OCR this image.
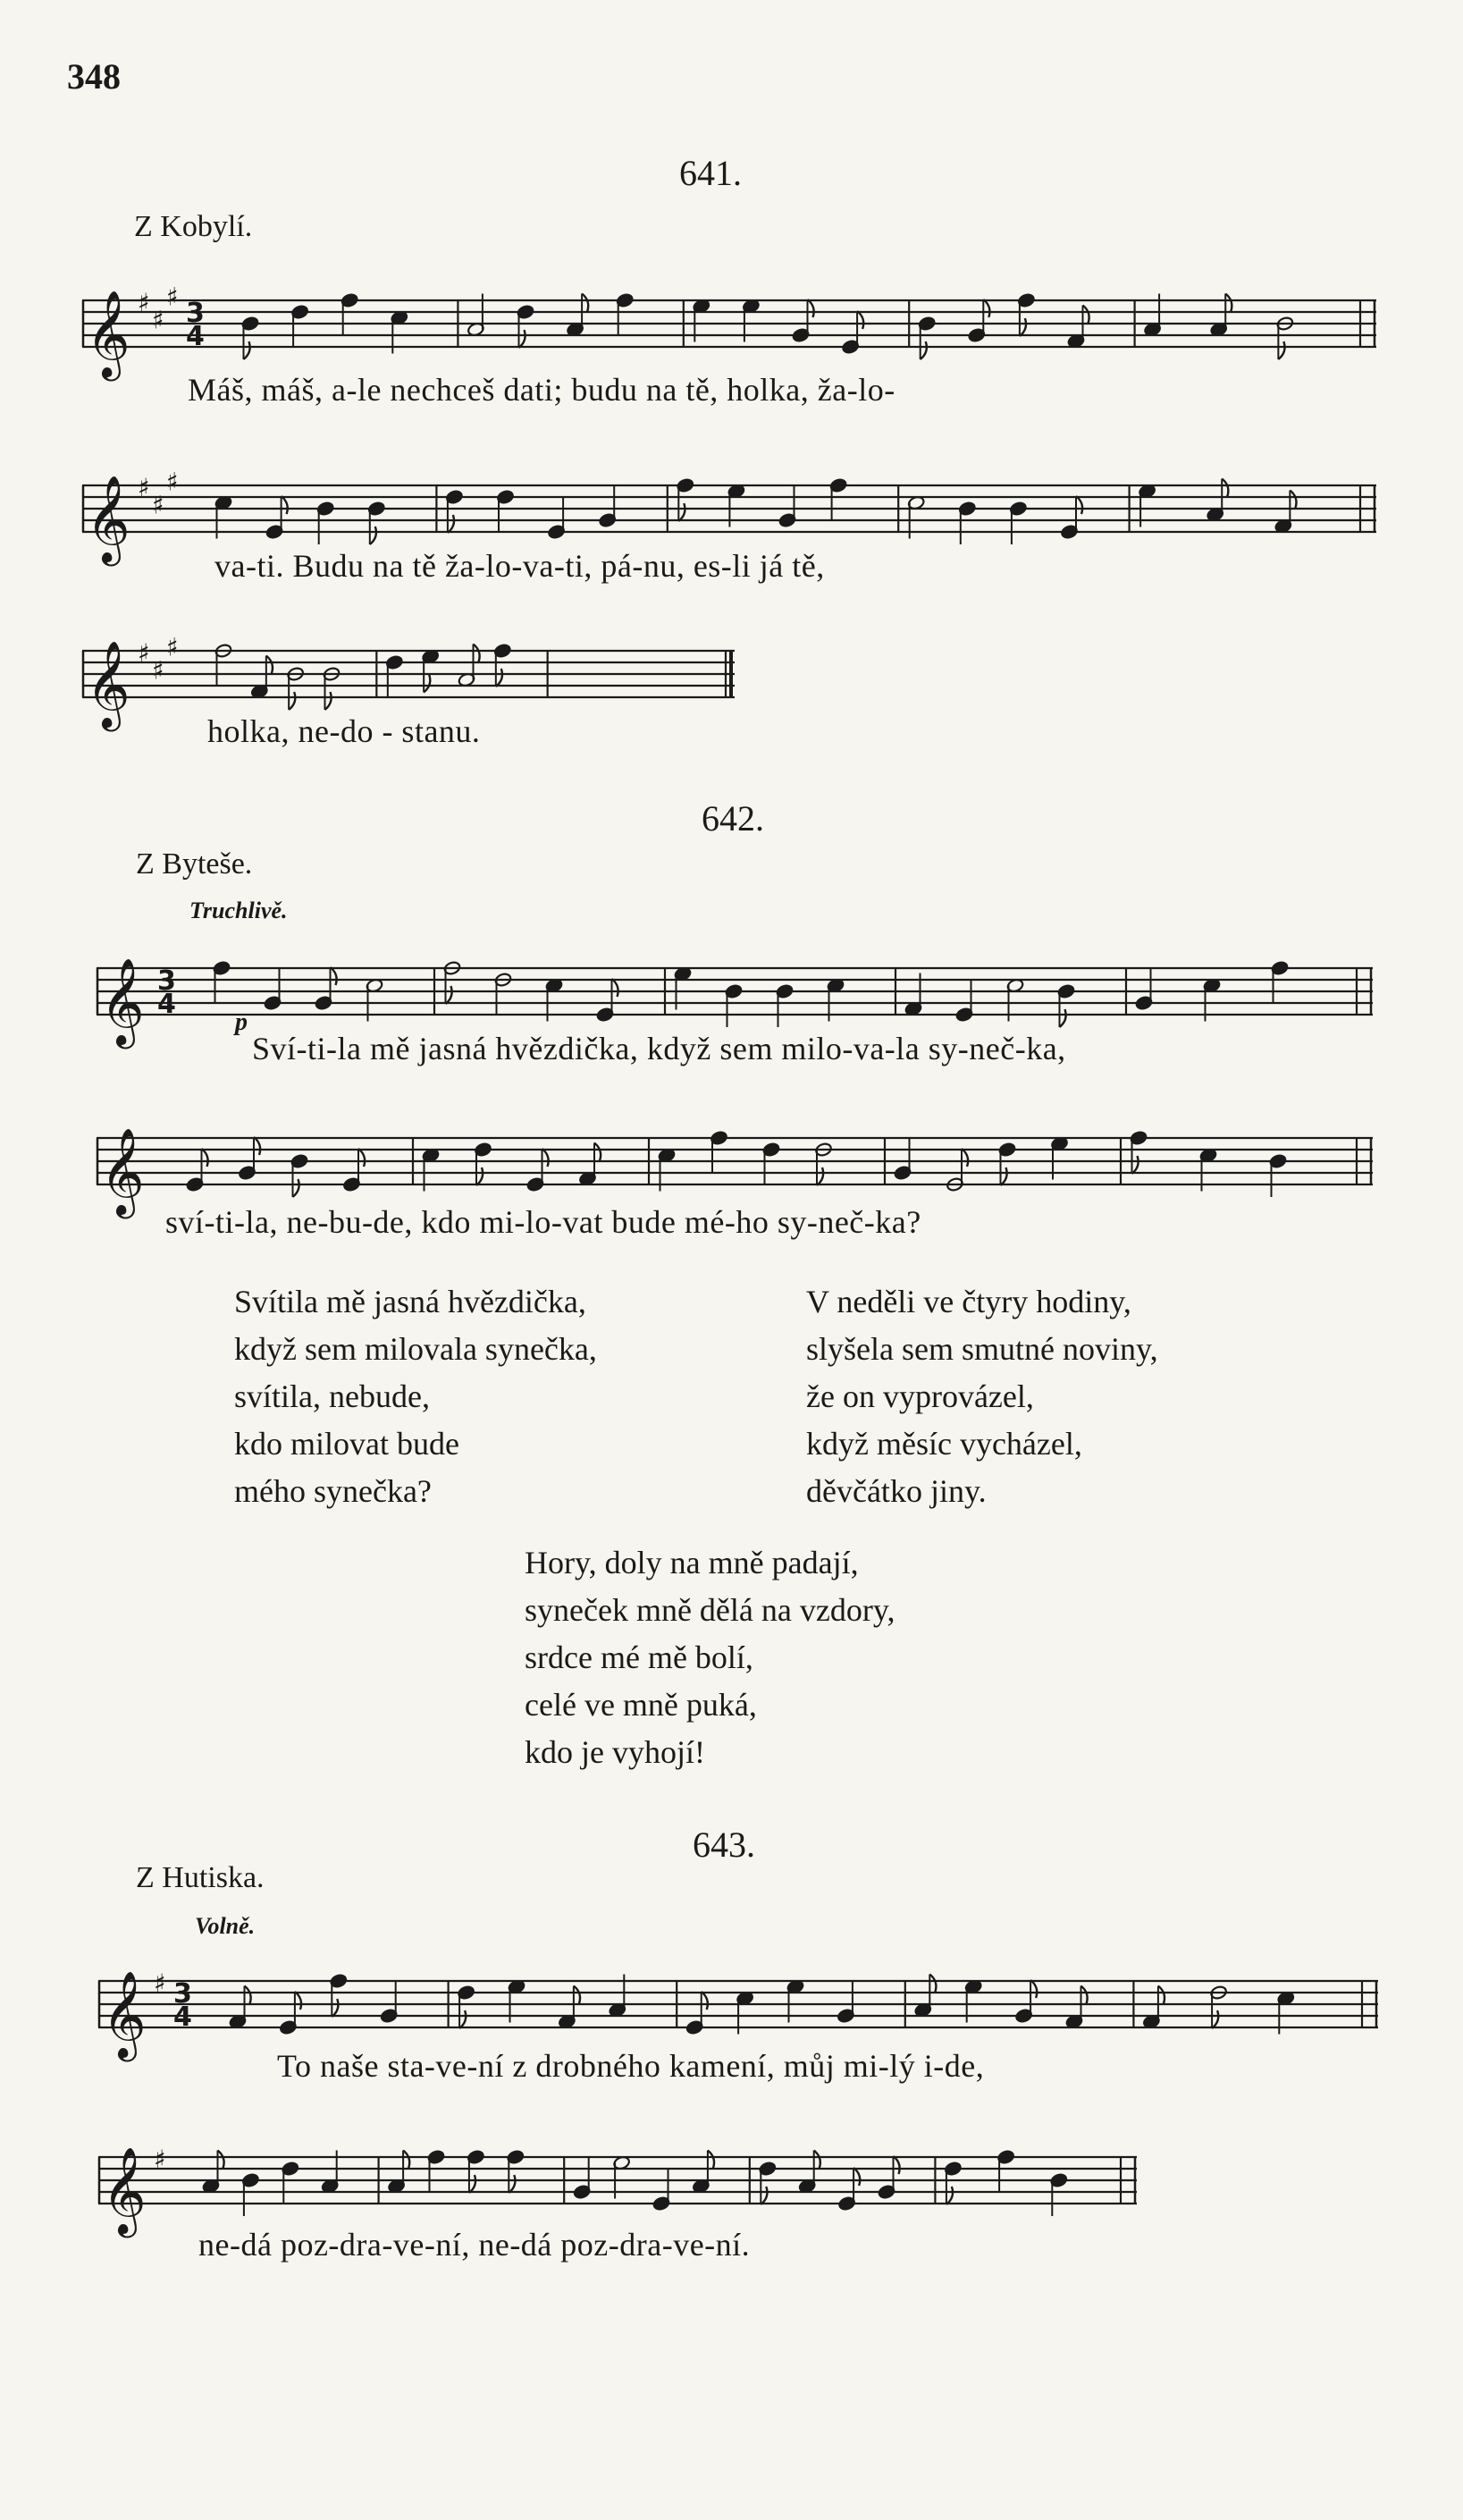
348
641.
Z Kobylí.
𝄞 ♯
♯
♯
3
4
Máš, máš, a-le nechceš dati; budu na tě, holka, ža-lo-
𝄞 ♯
♯
♯
va-ti. Budu na tě ža-lo-va-ti, pá-nu, es-li já tě,
𝄞 ♯
♯
♯
holka, ne-do - stanu.
642.
Z Byteše.
Truchlivě.
𝄞 3
4
p
Sví-ti-la mě jasná hvězdička, když sem milo-va-la sy-neč-ka,
𝄞
sví-ti-la, ne-bu-de, kdo mi-lo-vat bude mé-ho sy-neč-ka?
Svítila mě jasná hvězdička,
když sem milovala synečka,
svítila, nebude,
kdo milovat bude
mého synečka?
V neděli ve čtyry hodiny,
slyšela sem smutné noviny,
že on vyprovázel,
když měsíc vycházel,
děvčátko jiny.
Hory, doly na mně padají,
syneček mně dělá na vzdory,
srdce mé mě bolí,
celé ve mně puká,
kdo je vyhojí!
643.
Z Hutiska.
Volně.
𝄞 ♯ 3
4
To naše sta-ve-ní z drobného kamení, můj mi-lý i-de,
𝄞 ♯
ne-dá poz-dra-ve-ní, ne-dá poz-dra-ve-ní.
